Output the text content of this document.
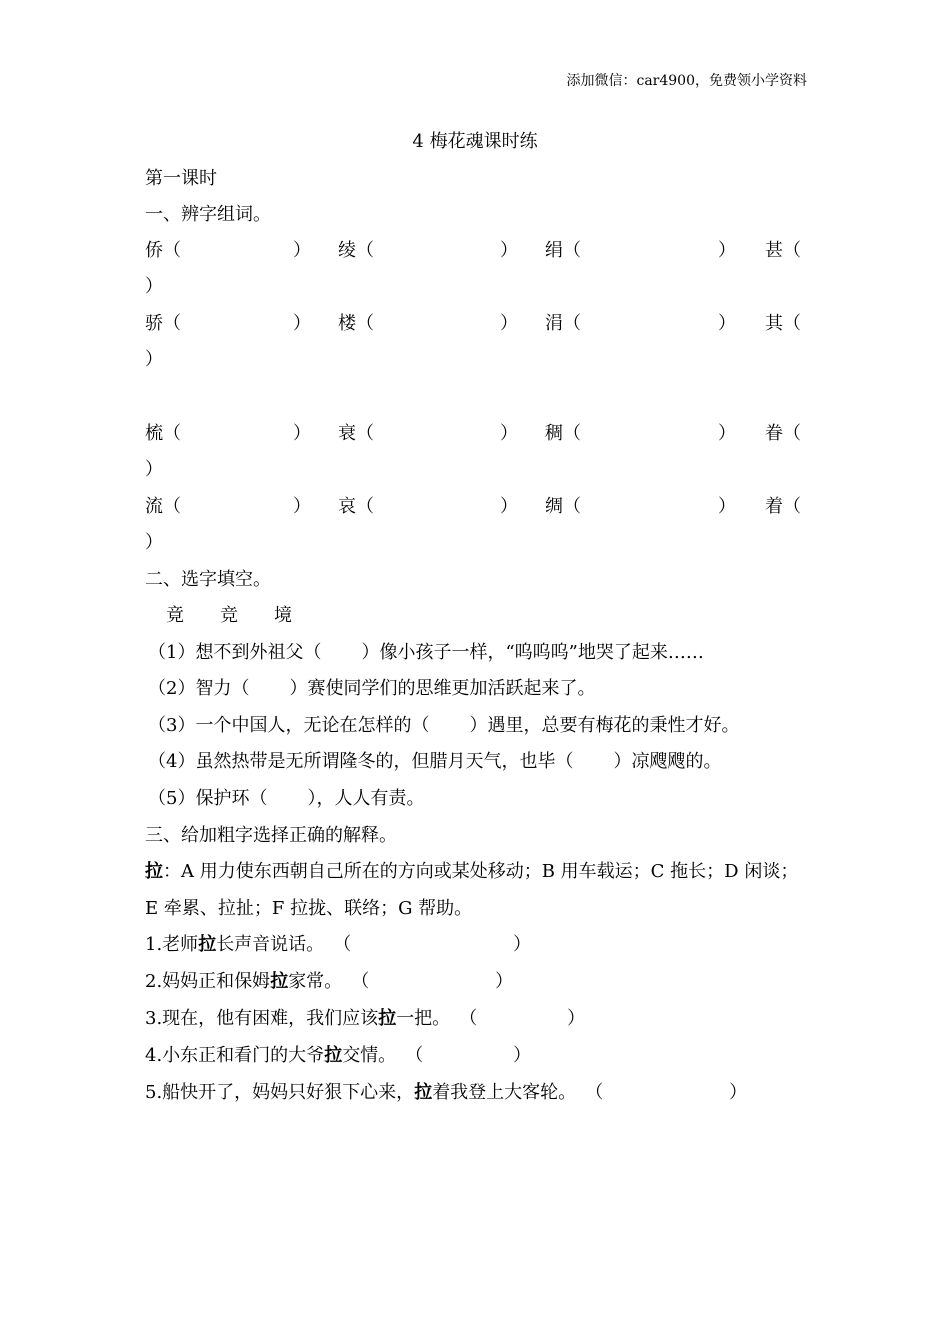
添加微信：car4900，免费领小学资料
4 梅花魂课时练
第一课时
一、辨字组词。
侨（	） 绫（	） 绢（	） 甚（
）
骄（	） 楼（	） 涓（	） 其（
）
梳（	） 衰（	） 稠（	） 眷（
）
流（	） 哀（	） 绸（	） 着（
）
二、选字填空。
竟　　竞　　境
（1）想不到外祖父（ ）像小孩子一样，“呜呜呜”地哭了起来……
（2）智力（ ）赛使同学们的思维更加活跃起来了。
（3）一个中国人，无论在怎样的（ ）遇里，总要有梅花的秉性才好。
（4）虽然热带是无所谓隆冬的，但腊月天气，也毕（ ）凉飕飕的。
（5）保护环（ ），人人有责。
三、给加粗字选择正确的解释。
拉：A 用力使东西朝自己所在的方向或某处移动；B 用车载运；C 拖长；D 闲谈；
E 牵累、拉扯；F 拉拢、联络；G 帮助。
1.老师拉长声音说话。 （　　　　　　　　　）
2.妈妈正和保姆拉家常。 （　　　　　　　）
3.现在，他有困难，我们应该拉一把。 （　　　　　）
4.小东正和看门的大爷拉交情。 （　　　　　）
5.船快开了，妈妈只好狠下心来，拉着我登上大客轮。 （　　　　　　　）
